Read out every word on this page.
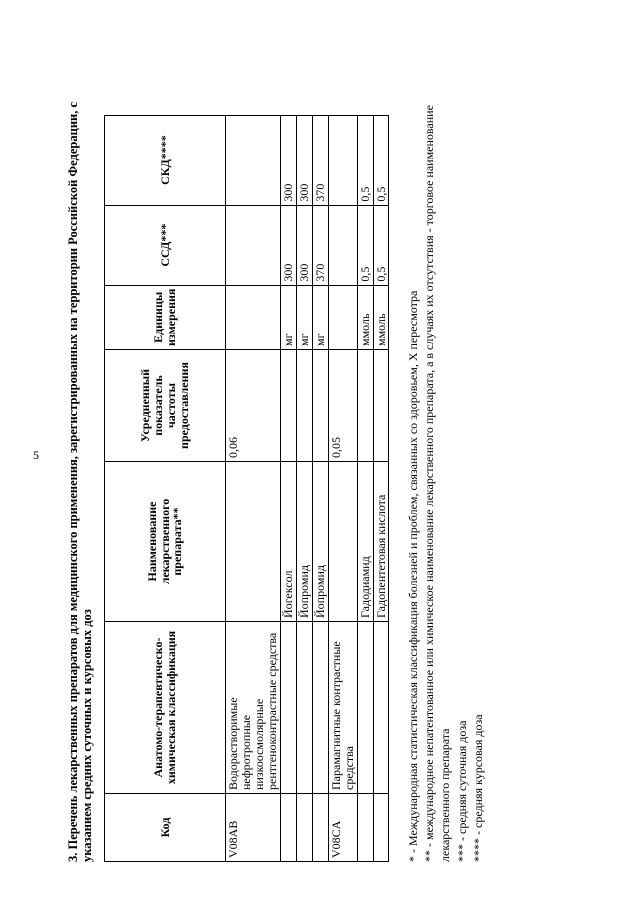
5 3. Перечень лекарственных препаратов для медицинского применения, зарегистрированных на территории Российской Федерации, с указанием средних суточных и курсовых доз	Код	Анатомо-терапевтическо-химическая классификация	Наименование лекарственного препарата**	Усредненный показатель частоты предоставления	Единицы измерения	ССД***	СКД****
V08AB	Водорастворимые нефротропные низкоосмолярные рентгеноконтрастные средства		0,06			
		Йогексол		мг	300	300
		Йопромид		мг	300	300
		Йопромид		мг	370	370
V08CA	Парамагнитные контрастные средства		0,05			
		Гадодиамид		ммоль	0,5	0,5
		Гадопентетовая кислота		ммоль	0,5	0,5
* - Международная статистическая классификация болезней и проблем, связанных со здоровьем, X пересмотра ** - международное непатентованное или химическое наименование лекарственного препарата, а в случаях их отсутствия - торговое наименование лекарственного препарата *** - средняя суточная доза **** - средняя курсовая доза
